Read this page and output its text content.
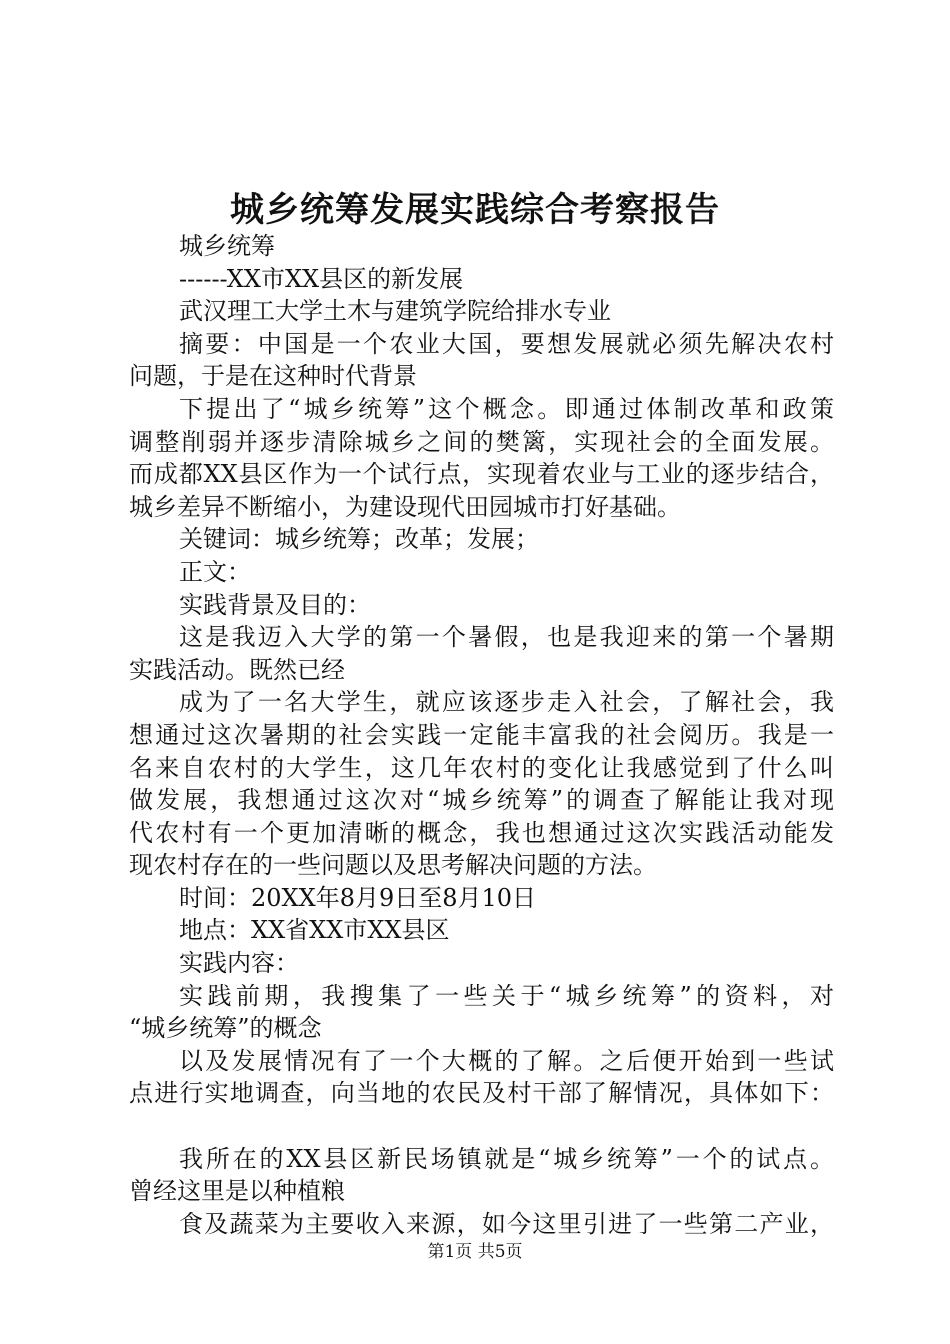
城乡统筹发展实践综合考察报告
城乡统筹
------XX市XX县区的新发展
武汉理工大学土木与建筑学院给排水专业
摘要：中国是一个农业大国，要想发展就必须先解决农村
问题，于是在这种时代背景
下提出了“城乡统筹”这个概念。即通过体制改革和政策
调整削弱并逐步清除城乡之间的樊篱，实现社会的全面发展。
而成都XX县区作为一个试行点，实现着农业与工业的逐步结合，
城乡差异不断缩小，为建设现代田园城市打好基础。
关键词：城乡统筹；改革；发展；
正文：
实践背景及目的：
这是我迈入大学的第一个暑假，也是我迎来的第一个暑期
实践活动。既然已经
成为了一名大学生，就应该逐步走入社会，了解社会，我
想通过这次暑期的社会实践一定能丰富我的社会阅历。我是一
名来自农村的大学生，这几年农村的变化让我感觉到了什么叫
做发展，我想通过这次对“城乡统筹”的调查了解能让我对现
代农村有一个更加清晰的概念，我也想通过这次实践活动能发
现农村存在的一些问题以及思考解决问题的方法。
时间：20XX年8月9日至8月10日
地点：XX省XX市XX县区
实践内容：
实践前期，我搜集了一些关于“城乡统筹”的资料，对
“城乡统筹”的概念
以及发展情况有了一个大概的了解。之后便开始到一些试
点进行实地调查，向当地的农民及村干部了解情况，具体如下：
我所在的XX县区新民场镇就是“城乡统筹”一个的试点。
曾经这里是以种植粮
食及蔬菜为主要收入来源，如今这里引进了一些第二产业，
第1页 共5页
